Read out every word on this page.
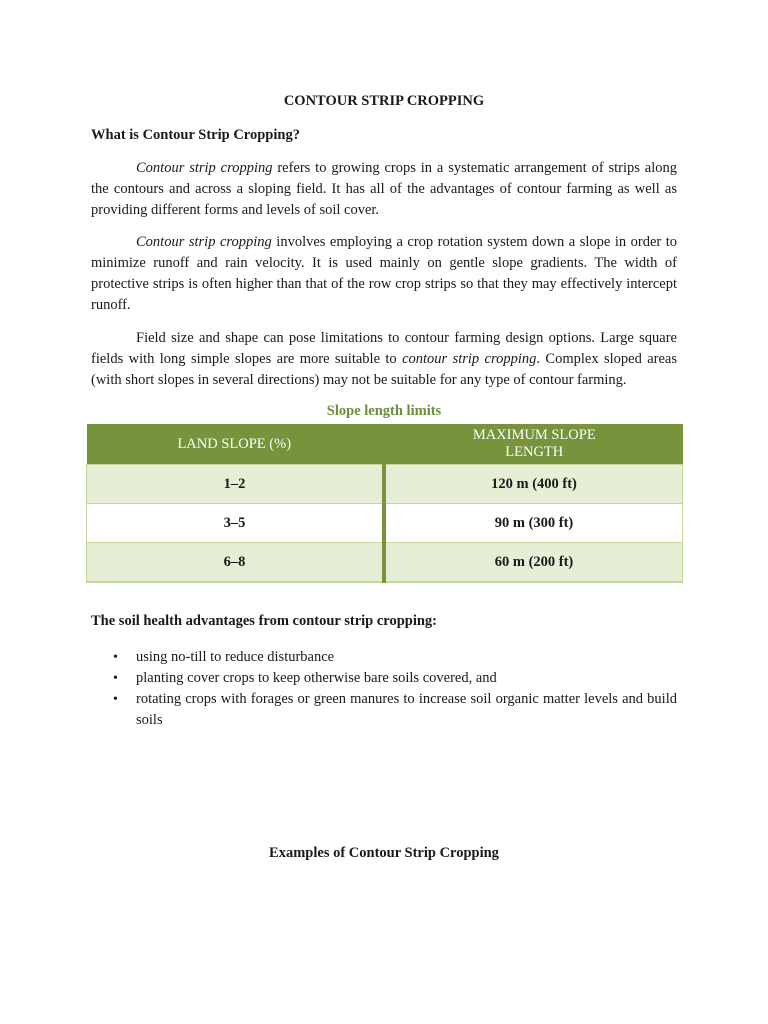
CONTOUR STRIP CROPPING
What is Contour Strip Cropping?

Contour strip cropping refers to growing crops in a systematic arrangement of strips along the contours and across a sloping field. It has all of the advantages of contour farming as well as providing different forms and levels of soil cover.

Contour strip cropping involves employing a crop rotation system down a slope in order to minimize runoff and rain velocity. It is used mainly on gentle slope gradients. The width of protective strips is often higher than that of the row crop strips so that they may effectively intercept runoff.

Field size and shape can pose limitations to contour farming design options. Large square fields with long simple slopes are more suitable to contour strip cropping. Complex sloped areas (with short slopes in several directions) may not be suitable for any type of contour farming.

Slope length limits
LAND SLOPE (%)	MAXIMUM SLOPE
LENGTH
1–2	120 m (400 ft)
3–5	90 m (300 ft)
6–8	60 m (200 ft)
The soil health advantages from contour strip cropping:
• using no-till to reduce disturbance
• planting cover crops to keep otherwise bare soils covered, and
• rotating crops with forages or green manures to increase soil organic matter levels and build soils
Examples of Contour Strip Cropping
